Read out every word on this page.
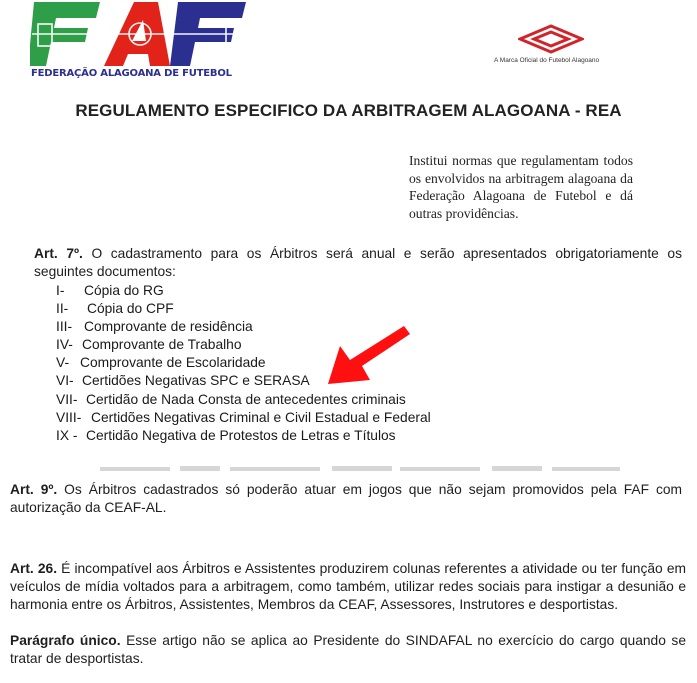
FEDERAÇÃO ALAGOANA DE FUTEBOL
A Marca Oficial do Futebol Alagoano
REGULAMENTO ESPECIFICO DA ARBITRAGEM ALAGOANA - REA
Institui normas que regulamentam todos os envolvidos na arbitragem alagoana da Federação Alagoana de Futebol e dá outras providências.
Art. 7º. O cadastramento para os Árbitros será anual e serão apresentados obrigatoriamente os seguintes documentos:
I- Cópia do RG
II- Cópia do CPF
III- Comprovante de residência
IV- Comprovante de Trabalho
V- Comprovante de Escolaridade
VI- Certidões Negativas SPC e SERASA
VII- Certidão de Nada Consta de antecedentes criminais
VIII- Certidões Negativas Criminal e Civil Estadual e Federal
IX - Certidão Negativa de Protestos de Letras e Títulos
Art. 9º. Os Árbitros cadastrados só poderão atuar em jogos que não sejam promovidos pela FAF com autorização da CEAF-AL.
Art. 26. É incompatível aos Árbitros e Assistentes produzirem colunas referentes a atividade ou ter função em veículos de mídia voltados para a arbitragem, como também, utilizar redes sociais para instigar a desunião e harmonia entre os Árbitros, Assistentes, Membros da CEAF, Assessores, Instrutores e desportistas.
Parágrafo único. Esse artigo não se aplica ao Presidente do SINDAFAL no exercício do cargo quando se tratar de desportistas.
